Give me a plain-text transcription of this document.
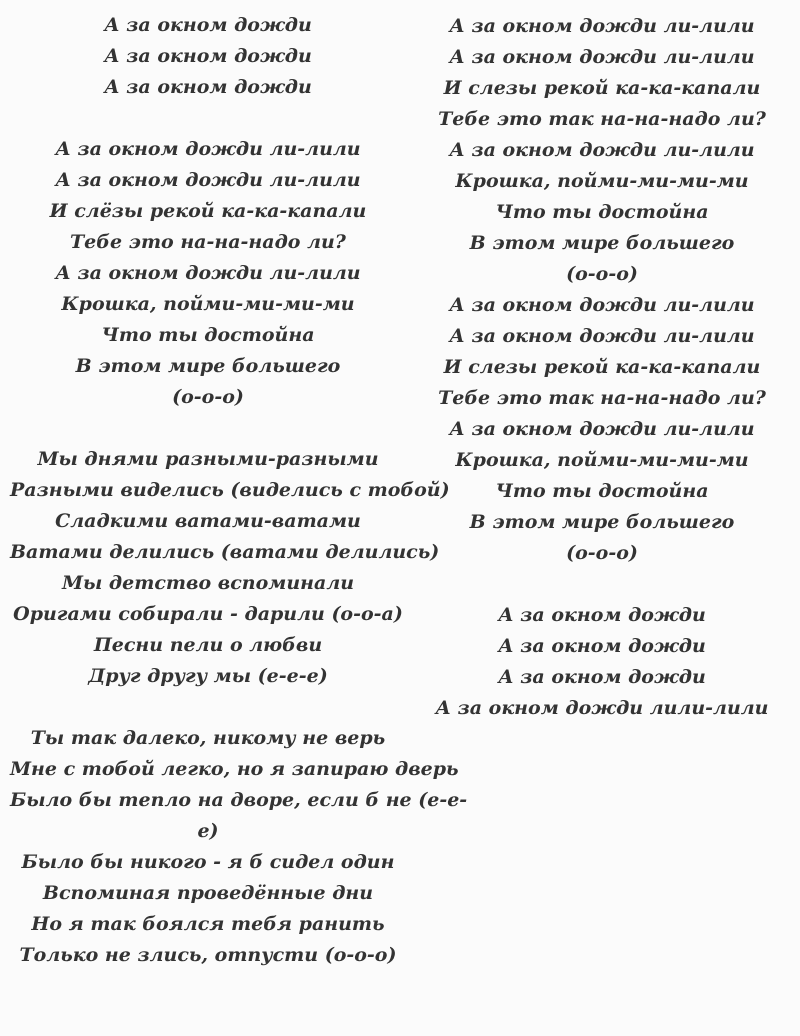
А за окном дожди
А за окном дожди
А за окном дожди
А за окном дожди ли-лили
А за окном дожди ли-лили
И слёзы рекой ка-ка-капали
Тебе это на-на-надо ли?
А за окном дожди ли-лили
Крошка, пойми-ми-ми-ми
Что ты достойна
В этом мире большего
(о-о-о)
Мы днями разными-разными
Разными виделись (виделись с тобой)
Сладкими ватами-ватами
Ватами делились (ватами делились)
Мы детство вспоминали
Оригами собирали - дарили (о-о-а)
Песни пели о любви
Друг другу мы (е-е-е)
Ты так далеко, никому не верь
Мне с тобой легко, но я запираю дверь
Было бы тепло на дворе, если б не (е-е-
е)
Было бы никого - я б сидел один
Вспоминая проведённые дни
Но я так боялся тебя ранить
Только не злись, отпусти (о-о-о)
А за окном дожди ли-лили
А за окном дожди ли-лили
И слезы рекой ка-ка-капали
Тебе это так на-на-надо ли?
А за окном дожди ли-лили
Крошка, пойми-ми-ми-ми
Что ты достойна
В этом мире большего
(о-о-о)
А за окном дожди ли-лили
А за окном дожди ли-лили
И слезы рекой ка-ка-капали
Тебе это так на-на-надо ли?
А за окном дожди ли-лили
Крошка, пойми-ми-ми-ми
Что ты достойна
В этом мире большего
(о-о-о)
А за окном дожди
А за окном дожди
А за окном дожди
А за окном дожди лили-лили
